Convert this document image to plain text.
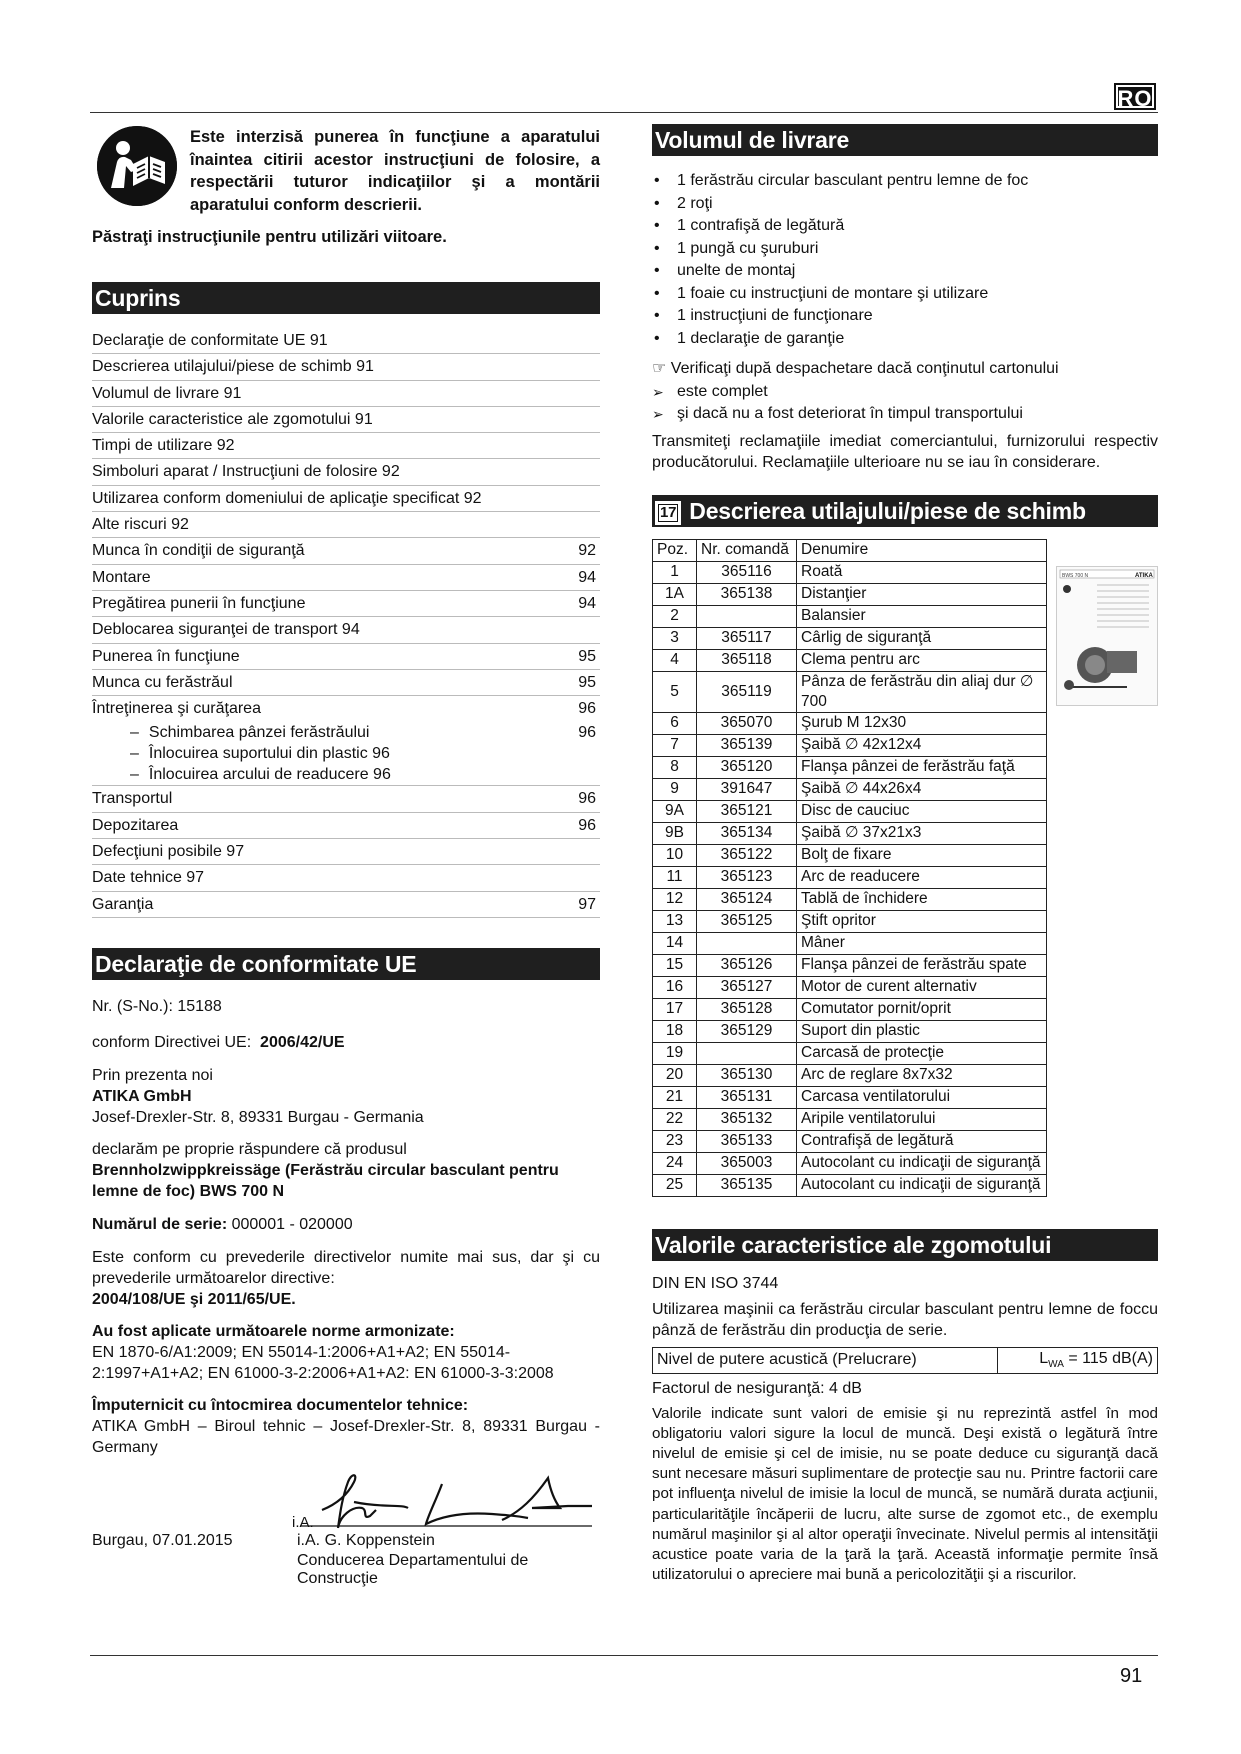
RO
91
Este interzisă punerea în funcţiune a aparatului înaintea citirii acestor instrucţiuni de folosire, a respectării tuturor indicaţiilor şi a montării aparatului conform descrierii.
Păstraţi instrucţiunile pentru utilizări viitoare.
Cuprins
Declaraţie de conformitate UE 91
Descrierea utilajului/piese de schimb 91
Volumul de livrare 91
Valorile caracteristice ale zgomotului 91
Timpi de utilizare 92
Simboluri aparat / Instrucţiuni de folosire 92
Utilizarea conform domeniului de aplicaţie specificat 92
Alte riscuri 92
Munca în condiţii de siguranţă	92
Montare	94
Pregătirea punerii în funcţiune	94
Deblocarea siguranţei de transport 94
Punerea în funcţiune	95
Munca cu ferăstrăul	95
Întreţinerea şi curăţarea	96
– Schimbarea pânzei ferăstrăului	96
– Înlocuirea suportului din plastic 96
– Înlocuirea arcului de readucere 96
Transportul	96
Depozitarea	96
Defecţiuni posibile 97
Date tehnice 97
Garanţia	97
Declaraţie de conformitate UE

Nr. (S-No.): 15188

conform Directivei UE: 2006/42/UE

Prin prezenta noi

ATIKA GmbH

Josef-Drexler-Str. 8, 89331 Burgau - Germania

declarăm pe proprie răspundere că produsul

Brennholzwippkreissäge (Ferăstrău circular basculant pentru lemne de foc) BWS 700 N

Numărul de serie: 000001 - 020000

Este conform cu prevederile directivelor numite mai sus, dar şi cu prevederile următoarelor directive:

2004/108/UE şi 2011/65/UE.

Au fost aplicate următoarele norme armonizate:

EN 1870-6/A1:2009; EN 55014-1:2006+A1+A2; EN 55014-2:1997+A1+A2; EN 61000-3-2:2006+A1+A2: EN 61000-3-3:2008

Împuternicit cu întocmirea documentelor tehnice:

ATIKA GmbH – Biroul tehnic – Josef-Drexler-Str. 8, 89331 Burgau - Germany

i.A.
Burgau, 07.01.2015	i.A. G. Koppenstein
Conducerea Departamentului de Construcţie
Volumul de livrare
• 1 ferăstrău circular basculant pentru lemne de foc
• 2 roţi
• 1 contrafişă de legătură
• 1 pungă cu şuruburi
• unelte de montaj
• 1 foaie cu instrucţiuni de montare şi utilizare
• 1 instrucţiuni de funcţionare
• 1 declaraţie de garanţie
☞ Verificaţi după despachetare dacă conţinutul cartonului
➢ este complet
➢ şi dacă nu a fost deteriorat în timpul transportului

Transmiteţi reclamaţiile imediat comerciantului, furnizorului respectiv producătorului. Reclamaţiile ulterioare nu se iau în considerare.

17 Descrierea utilajului/piese de schimb
Poz.	Nr. comandă	Denumire
1	365116	Roată
1A	365138	Distanţier
2		Balansier
3	365117	Cârlig de siguranţă
4	365118	Clema pentru arc
5	365119	Pânza de ferăstrău din aliaj dur ∅ 700
6	365070	Şurub M 12x30
7	365139	Şaibă ∅ 42x12x4
8	365120	Flanşa pânzei de ferăstrău faţă
9	391647	Şaibă ∅ 44x26x4
9A	365121	Disc de cauciuc
9B	365134	Şaibă ∅ 37x21x3
10	365122	Bolţ de fixare
11	365123	Arc de readucere
12	365124	Tablă de închidere
13	365125	Ştift opritor
14		Mâner
15	365126	Flanşa pânzei de ferăstrău spate
16	365127	Motor de curent alternativ
17	365128	Comutator pornit/oprit
18	365129	Suport din plastic
19		Carcasă de protecţie
20	365130	Arc de reglare 8x7x32
21	365131	Carcasa ventilatorului
22	365132	Aripile ventilatorului
23	365133	Contrafişă de legătură
24	365003	Autocolant cu indicaţii de siguranţă
25	365135	Autocolant cu indicaţii de siguranţă
Valorile caracteristice ale zgomotului

DIN EN ISO 3744

Utilizarea maşinii ca ferăstrău circular basculant pentru lemne de foccu pânză de ferăstrău din producţia de serie.

Nivel de putere acustică (Prelucrare)	$L_{WA} = 115$ dB(A)

Factorul de nesiguranţă: 4 dB

Valorile indicate sunt valori de emisie şi nu reprezintă astfel în mod obligatoriu valori sigure la locul de muncă. Deşi există o legătură între nivelul de emisie şi cel de imisie, nu se poate deduce cu siguranţă dacă sunt necesare măsuri suplimentare de protecţie sau nu. Printre factorii care pot influenţa nivelul de imisie la locul de muncă, se numără durata acţiunii, particularităţile încăperii de lucru, alte surse de zgomot etc., de exemplu numărul maşinilor şi al altor operaţii învecinate. Nivelul permis al intensităţii acustice poate varia de la ţară la ţară. Această informaţie permite însă utilizatorului o apreciere mai bună a pericolozităţii şi a riscurilor.

BWS 700 N	ATIKA
